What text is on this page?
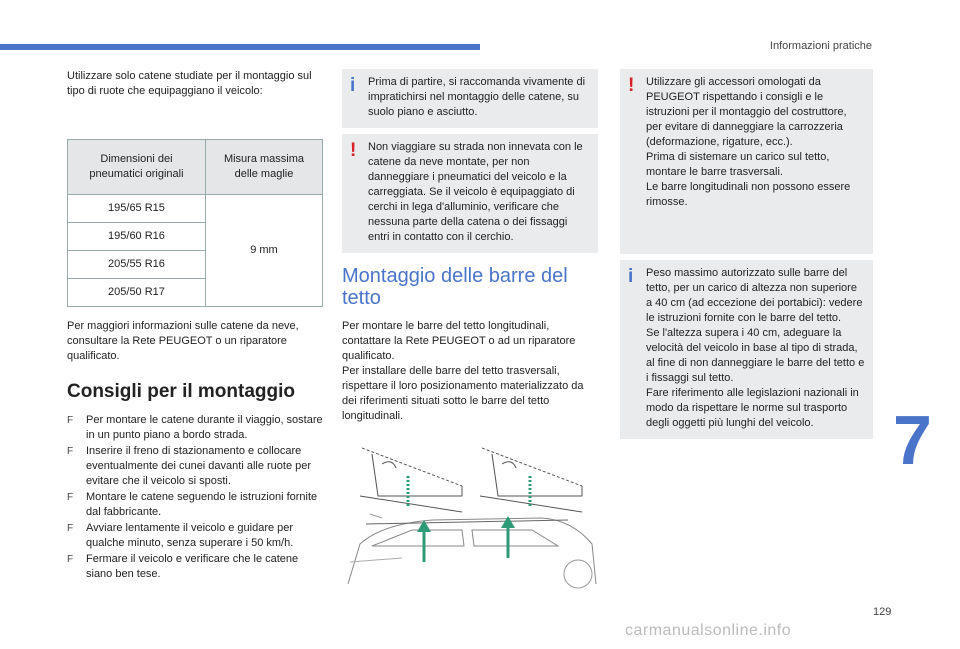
Informazioni pratiche

Utilizzare solo catene studiate per il montaggio sul tipo di ruote che equipaggiano il veicolo:

Dimensioni dei pneumatici originali	Misura massima delle maglie
195/65 R15	9 mm
195/60 R16	
205/55 R16	
205/50 R17	

Per maggiori informazioni sulle catene da neve, consultare la Rete PEUGEOT o un riparatore qualificato.

Consigli per il montaggio
F Per montare le catene durante il viaggio, sostare in un punto piano a bordo strada.
F Inserire il freno di stazionamento e collocare eventualmente dei cunei davanti alle ruote per evitare che il veicolo si sposti.
F Montare le catene seguendo le istruzioni fornite dal fabbricante.
F Avviare lentamente il veicolo e guidare per qualche minuto, senza superare i 50 km/h.
F Fermare il veicolo e verificare che le catene siano ben tese.
i Prima di partire, si raccomanda vivamente di impratichirsi nel montaggio delle catene, su suolo piano e asciutto.

! Non viaggiare su strada non innevata con le catene da neve montate, per non danneggiare i pneumatici del veicolo e la carreggiata. Se il veicolo è equipaggiato di cerchi in lega d'alluminio, verificare che nessuna parte della catena o dei fissaggi entri in contatto con il cerchio.

Montaggio delle barre del tetto

Per montare le barre del tetto longitudinali, contattare la Rete PEUGEOT o ad un riparatore qualificato.

Per installare delle barre del tetto trasversali, rispettare il loro posizionamento materializzato da dei riferimenti situati sotto le barre del tetto longitudinali.

! Utilizzare gli accessori omologati da PEUGEOT rispettando i consigli e le istruzioni per il montaggio del costruttore, per evitare di danneggiare la carrozzeria (deformazione, rigature, ecc.).

Prima di sistemare un carico sul tetto, montare le barre trasversali.

Le barre longitudinali non possono essere rimosse.

i Peso massimo autorizzato sulle barre del tetto, per un carico di altezza non superiore a 40 cm (ad eccezione dei portabici): vedere le istruzioni fornite con le barre del tetto.

Se l'altezza supera i 40 cm, adeguare la velocità del veicolo in base al tipo di strada, al fine di non danneggiare le barre del tetto e i fissaggi sul tetto.

Fare riferimento alle legislazioni nazionali in modo da rispettare le norme sul trasporto degli oggetti più lunghi del veicolo.	7
129
carmanualsonline.info
